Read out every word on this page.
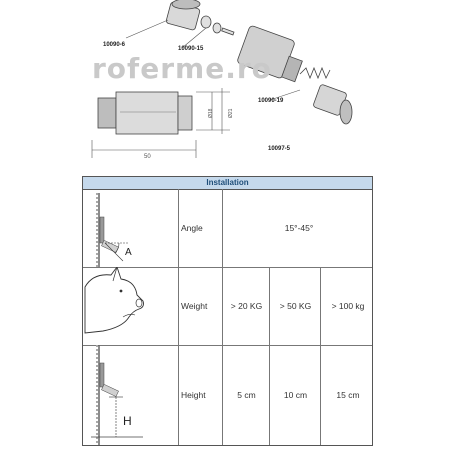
50
Ø18	Ø21
roferme.ro
10090-6
10090-15
10090-19
10097-5
Installation
A
Angle	15°-45°
Weight	> 20 KG	> 50 KG	> 100 kg
H
Height	5 cm	10 cm	15 cm
